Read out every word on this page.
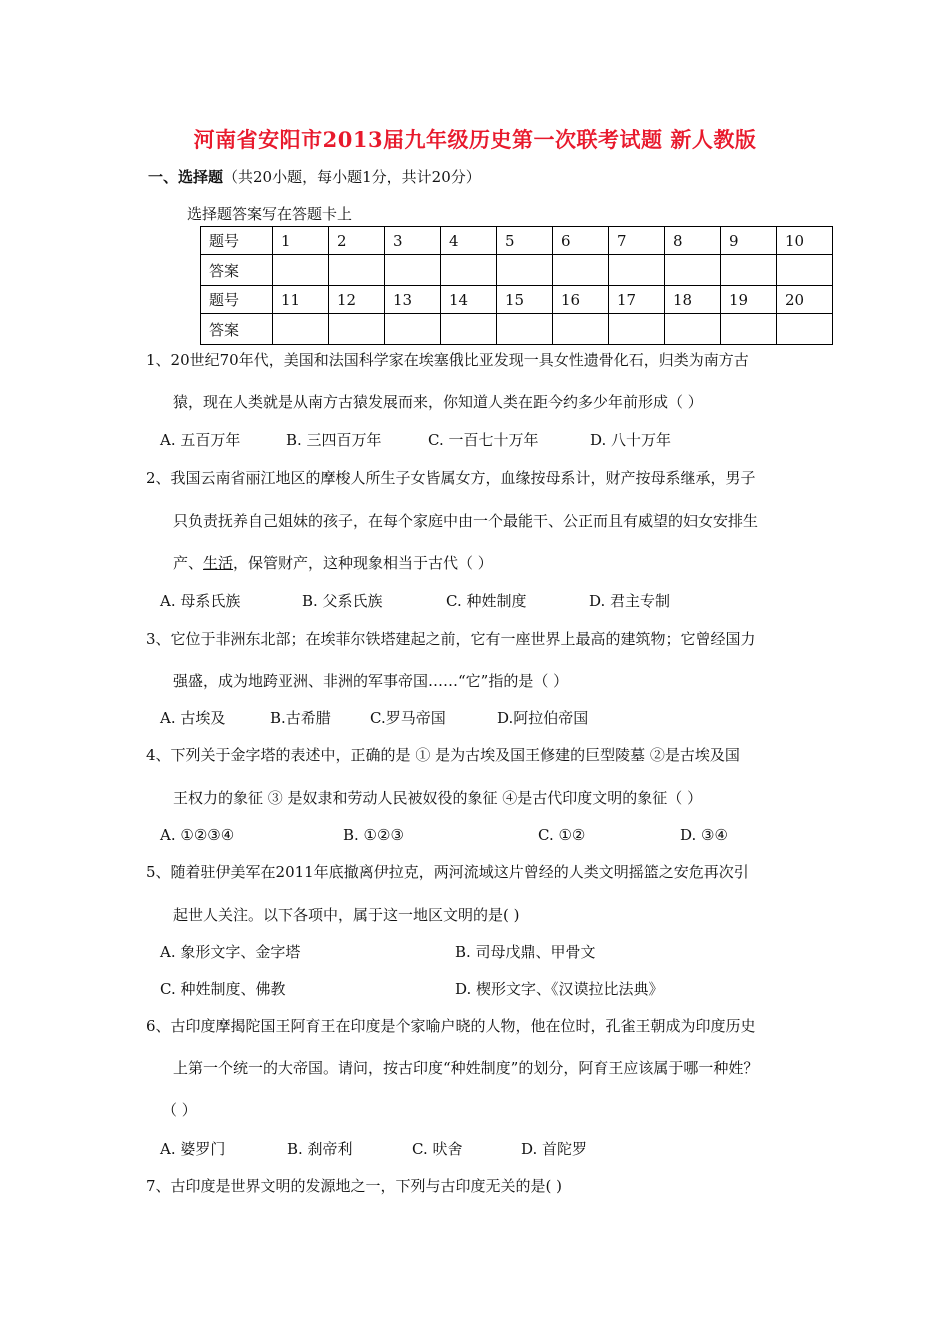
河南省安阳市2013届九年级历史第一次联考试题 新人教版
一、选择题（共20小题，每小题1分，共计20分）
选择题答案写在答题卡上
题号	1	2	3	4	5	6	7	8	9	10
答案										
题号	11	12	13	14	15	16	17	18	19	20
答案										
1、20世纪70年代，美国和法国科学家在埃塞俄比亚发现一具女性遗骨化石，归类为南方古
猿，现在人类就是从南方古猿发展而来，你知道人类在距今约多少年前形成（ ）
A. 五百万年	B. 三四百万年	C. 一百七十万年	D. 八十万年
2、我国云南省丽江地区的摩梭人所生子女皆属女方，血缘按母系计，财产按母系继承，男子
只负责抚养自己姐妹的孩子，在每个家庭中由一个最能干、公正而且有威望的妇女安排生
产、生活，保管财产，这种现象相当于古代（ ）
A. 母系氏族	B. 父系氏族	C. 种姓制度	D. 君主专制
3、它位于非洲东北部；在埃菲尔铁塔建起之前，它有一座世界上最高的建筑物；它曾经国力
强盛，成为地跨亚洲、非洲的军事帝国……“它”指的是（ ）
A. 古埃及	B.古希腊	C.罗马帝国	D.阿拉伯帝国
4、下列关于金字塔的表述中，正确的是 ① 是为古埃及国王修建的巨型陵墓 ②是古埃及国
王权力的象征 ③ 是奴隶和劳动人民被奴役的象征 ④是古代印度文明的象征（ ）
A. ①②③④	B. ①②③	C. ①②	D. ③④
5、随着驻伊美军在2011年底撤离伊拉克，两河流域这片曾经的人类文明摇篮之安危再次引
起世人关注。以下各项中，属于这一地区文明的是( )
A. 象形文字、金字塔	B. 司母戊鼎、甲骨文
C. 种姓制度、佛教	D. 楔形文字、《汉谟拉比法典》
6、古印度摩揭陀国王阿育王在印度是个家喻户晓的人物，他在位时，孔雀王朝成为印度历史
上第一个统一的大帝国。请问，按古印度“种姓制度”的划分，阿育王应该属于哪一种姓？
（ ）
A. 婆罗门	B. 刹帝利	C. 吠舍	D. 首陀罗
7、古印度是世界文明的发源地之一，下列与古印度无关的是( )
